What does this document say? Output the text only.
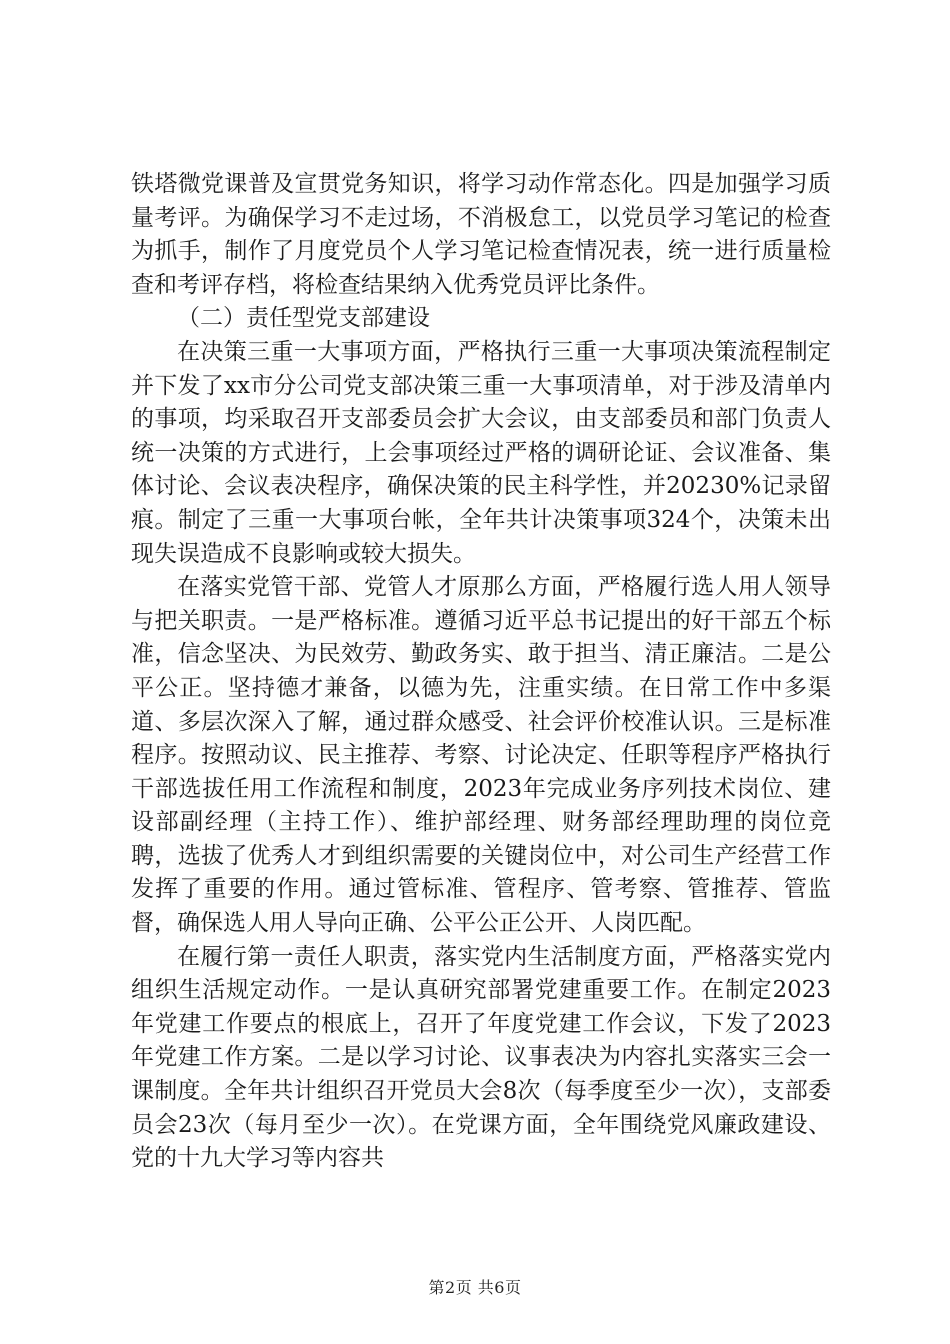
铁塔微党课普及宣贯党务知识，将学习动作常态化。四是加强学习质量考评。为确保学习不走过场，不消极怠工，以党员学习笔记的检查为抓手，制作了月度党员个人学习笔记检查情况表，统一进行质量检查和考评存档，将检查结果纳入优秀党员评比条件。

（二）责任型党支部建设

在决策三重一大事项方面，严格执行三重一大事项决策流程制定并下发了xx市分公司党支部决策三重一大事项清单，对于涉及清单内的事项，均采取召开支部委员会扩大会议，由支部委员和部门负责人统一决策的方式进行，上会事项经过严格的调研论证、会议准备、集体讨论、会议表决程序，确保决策的民主科学性，并20230%记录留痕。制定了三重一大事项台帐，全年共计决策事项324个，决策未出现失误造成不良影响或较大损失。

在落实党管干部、党管人才原那么方面，严格履行选人用人领导与把关职责。一是严格标准。遵循习近平总书记提出的好干部五个标准，信念坚决、为民效劳、勤政务实、敢于担当、清正廉洁。二是公平公正。坚持德才兼备，以德为先，注重实绩。在日常工作中多渠道、多层次深入了解，通过群众感受、社会评价校准认识。三是标准程序。按照动议、民主推荐、考察、讨论决定、任职等程序严格执行干部选拔任用工作流程和制度，2023年完成业务序列技术岗位、建设部副经理（主持工作）、维护部经理、财务部经理助理的岗位竞聘，选拔了优秀人才到组织需要的关键岗位中，对公司生产经营工作发挥了重要的作用。通过管标准、管程序、管考察、管推荐、管监督，确保选人用人导向正确、公平公正公开、人岗匹配。

在履行第一责任人职责，落实党内生活制度方面，严格落实党内组织生活规定动作。一是认真研究部署党建重要工作。在制定2023年党建工作要点的根底上，召开了年度党建工作会议，下发了2023年党建工作方案。二是以学习讨论、议事表决为内容扎实落实三会一课制度。全年共计组织召开党员大会8次（每季度至少一次），支部委员会23次（每月至少一次）。在党课方面，全年围绕党风廉政建设、党的十九大学习等内容共

第2页 共6页
